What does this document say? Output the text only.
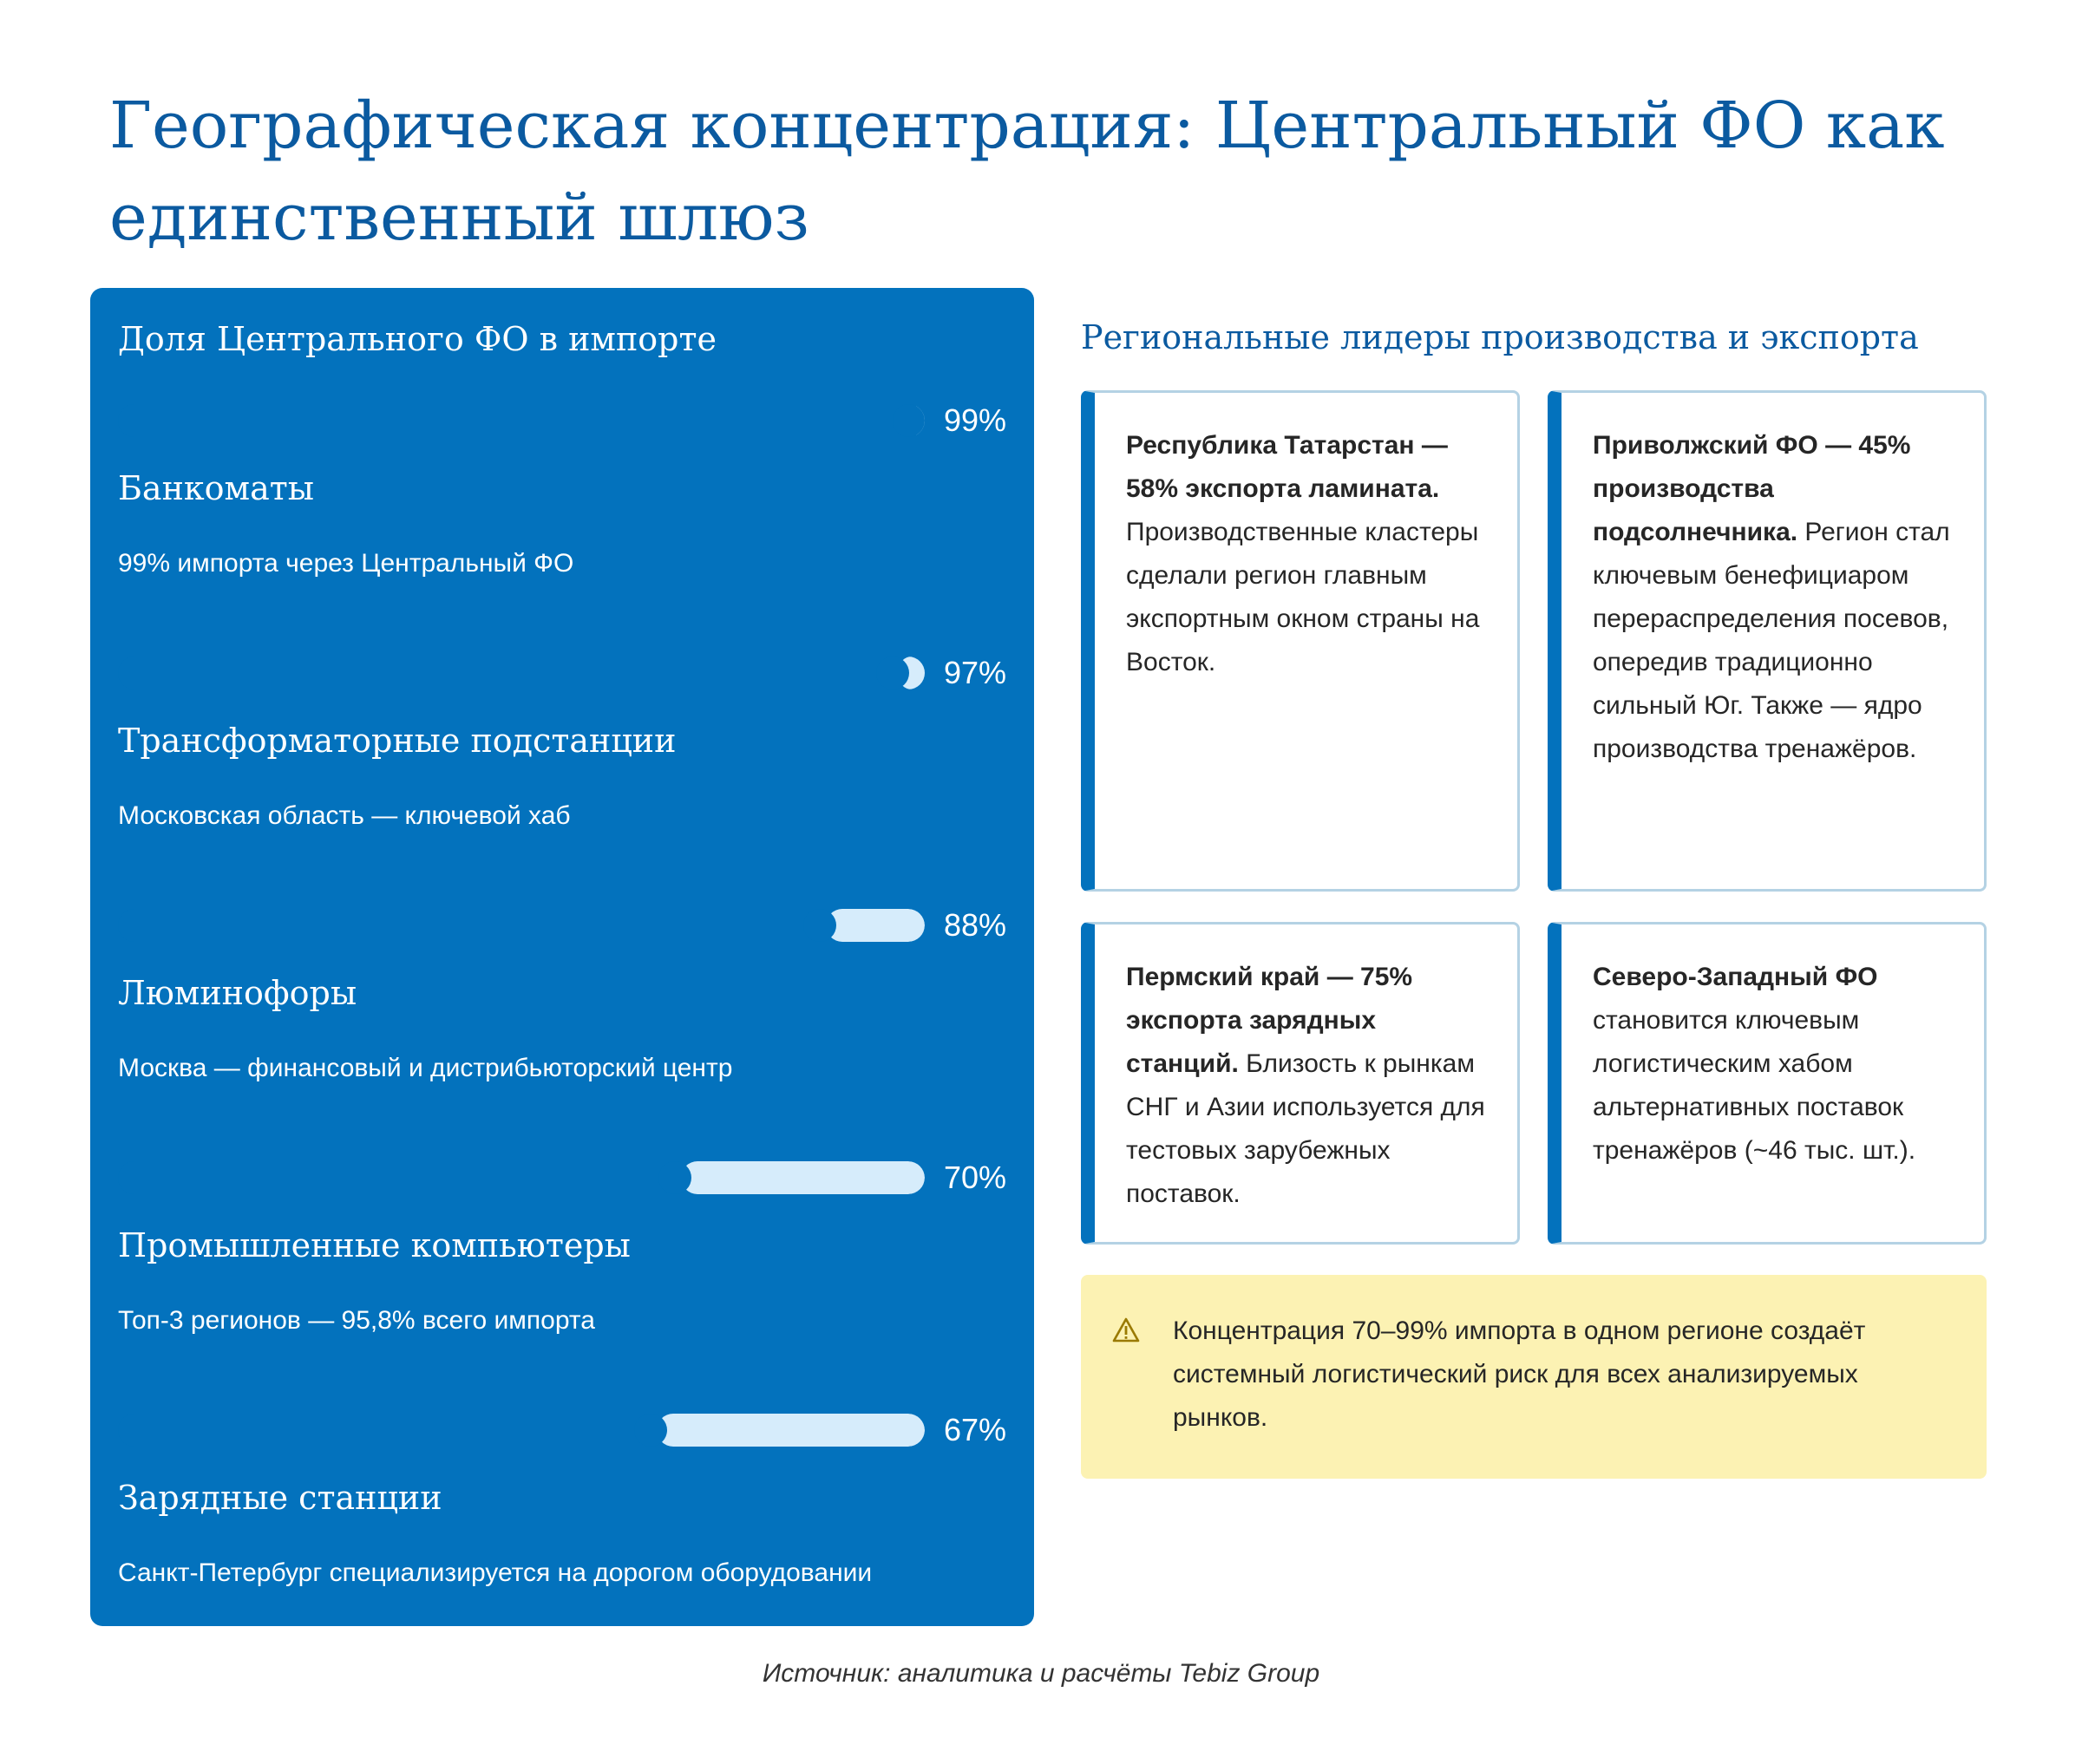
Географическая концентрация: Центральный ФО как единственный шлюз
Доля Центрального ФО в импорте
99%
Банкоматы
99% импорта через Центральный ФО
97%
Трансформаторные подстанции
Московская область — ключевой хаб
88%
Люминофоры
Москва — финансовый и дистрибьюторский центр
70%
Промышленные компьютеры
Топ-3 регионов — 95,8% всего импорта
67%
Зарядные станции
Санкт-Петербург специализируется на дорогом оборудовании
Региональные лидеры производства и экспорта
Республика Татарстан — 58% экспорта ламината. Производственные кластеры сделали регион главным экспортным окном страны на Восток.
Приволжский ФО — 45% производства подсолнечника. Регион стал ключевым бенефициаром перераспределения посевов, опередив традиционно сильный Юг. Также — ядро производства тренажёров.
Пермский край — 75% экспорта зарядных станций. Близость к рынкам СНГ и Азии используется для тестовых зарубежных поставок.
Северо-Западный ФО становится ключевым логистическим хабом альтернативных поставок тренажёров (~46 тыс. шт.).
Концентрация 70–99% импорта в одном регионе создаёт системный логистический риск для всех анализируемых рынков.
Источник: аналитика и расчёты Tebiz Group
